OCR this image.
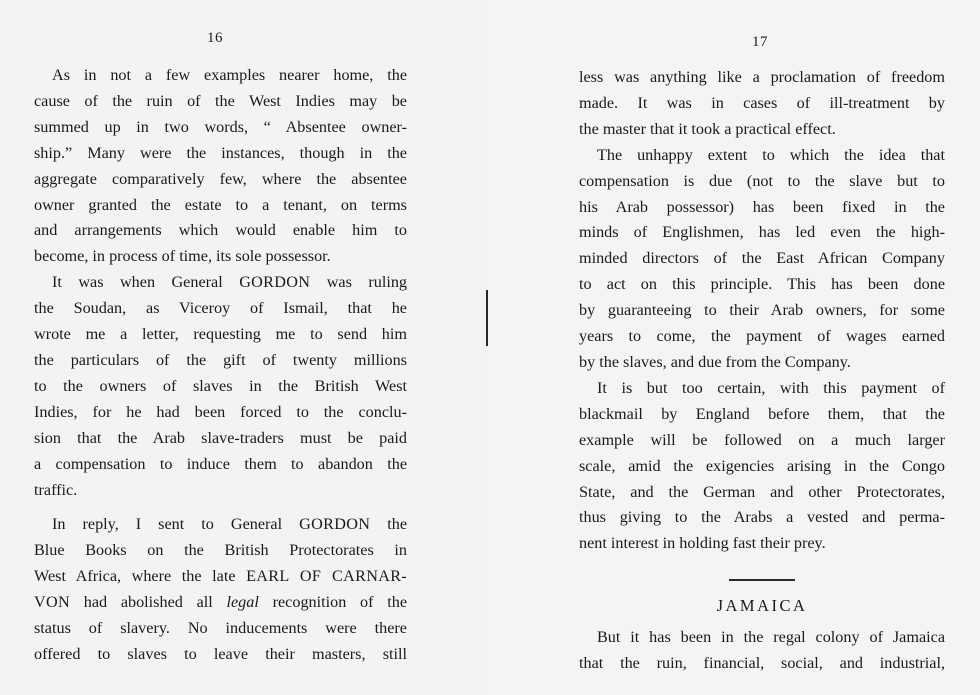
16	17

As in not a few examples nearer home, the

cause of the ruin of the West Indies may be

summed up in two words, “ Absentee owner-

ship.” Many were the instances, though in the

aggregate comparatively few, where the absentee

owner granted the estate to a tenant, on terms

and arrangements which would enable him to

become, in process of time, its sole possessor.

It was when General GORDON was ruling

the Soudan, as Viceroy of Ismail, that he

wrote me a letter, requesting me to send him

the particulars of the gift of twenty millions

to the owners of slaves in the British West

Indies, for he had been forced to the conclu-

sion that the Arab slave-traders must be paid

a compensation to induce them to abandon the

traffic.

In reply, I sent to General GORDON the

Blue Books on the British Protectorates in

West Africa, where the late EARL OF CARNAR-

VON had abolished all legal recognition of the

status of slavery. No inducements were there

offered to slaves to leave their masters, still

less was anything like a proclamation of freedom

made. It was in cases of ill-treatment by

the master that it took a practical effect.

The unhappy extent to which the idea that

compensation is due (not to the slave but to

his Arab possessor) has been fixed in the

minds of Englishmen, has led even the high-

minded directors of the East African Company

to act on this principle. This has been done

by guaranteeing to their Arab owners, for some

years to come, the payment of wages earned

by the slaves, and due from the Company.

It is but too certain, with this payment of

blackmail by England before them, that the

example will be followed on a much larger

scale, amid the exigencies arising in the Congo

State, and the German and other Protectorates,

thus giving to the Arabs a vested and perma-

nent interest in holding fast their prey.

JAMAICA

But it has been in the regal colony of Jamaica

that the ruin, financial, social, and industrial,
